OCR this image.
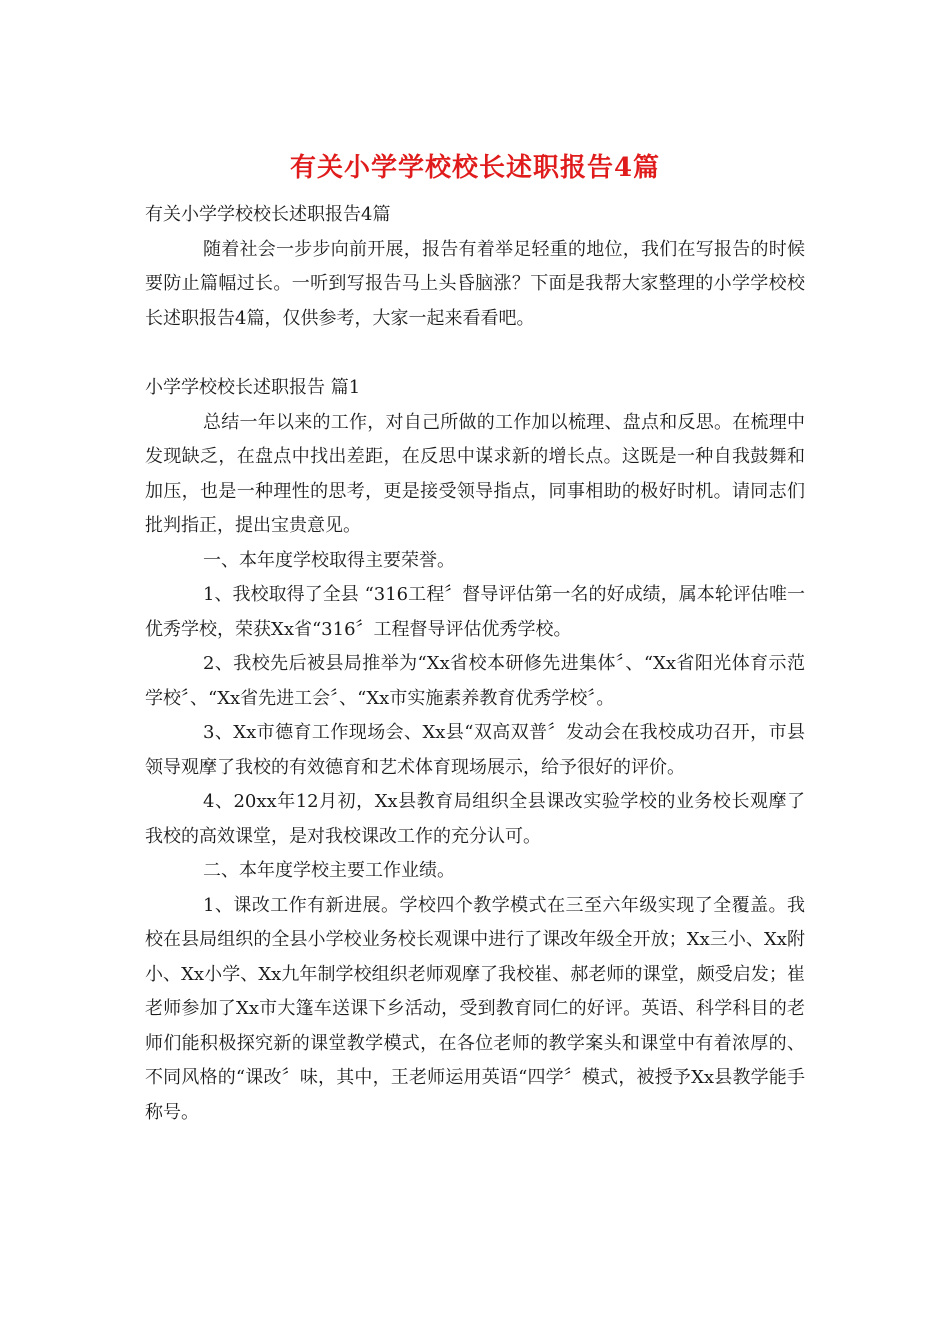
有关小学学校校长述职报告4篇

有关小学学校校长述职报告4篇

随着社会一步步向前开展，报告有着举足轻重的地位，我们在写报告的时候要防止篇幅过长。一听到写报告马上头昏脑涨？下面是我帮大家整理的小学学校校长述职报告4篇，仅供参考，大家一起来看看吧。

小学学校校长述职报告 篇1

总结一年以来的工作，对自己所做的工作加以梳理、盘点和反思。在梳理中发现缺乏，在盘点中找出差距，在反思中谋求新的增长点。这既是一种自我鼓舞和加压，也是一种理性的思考，更是接受领导指点，同事相助的极好时机。请同志们批判指正，提出宝贵意见。

一、本年度学校取得主要荣誉。

1、我校取得了全县 “316工程〞督导评估第一名的好成绩，属本轮评估唯一优秀学校，荣获Xx省“316〞工程督导评估优秀学校。

2、我校先后被县局推举为“Xx省校本研修先进集体〞、“Xx省阳光体育示范学校〞、“Xx省先进工会〞、“Xx市实施素养教育优秀学校〞。

3、Xx市德育工作现场会、Xx县“双高双普〞发动会在我校成功召开，市县领导观摩了我校的有效德育和艺术体育现场展示，给予很好的评价。

4、20xx年12月初，Xx县教育局组织全县课改实验学校的业务校长观摩了我校的高效课堂，是对我校课改工作的充分认可。

二、本年度学校主要工作业绩。

1、课改工作有新进展。学校四个教学模式在三至六年级实现了全覆盖。我校在县局组织的全县小学校业务校长观课中进行了课改年级全开放；Xx三小、Xx附小、Xx小学、Xx九年制学校组织老师观摩了我校崔、郝老师的课堂，颇受启发；崔老师参加了Xx市大篷车送课下乡活动，受到教育同仁的好评。英语、科学科目的老师们能积极探究新的课堂教学模式，在各位老师的教学案头和课堂中有着浓厚的、不同风格的“课改〞味，其中，王老师运用英语“四学〞模式，被授予Xx县教学能手称号。
